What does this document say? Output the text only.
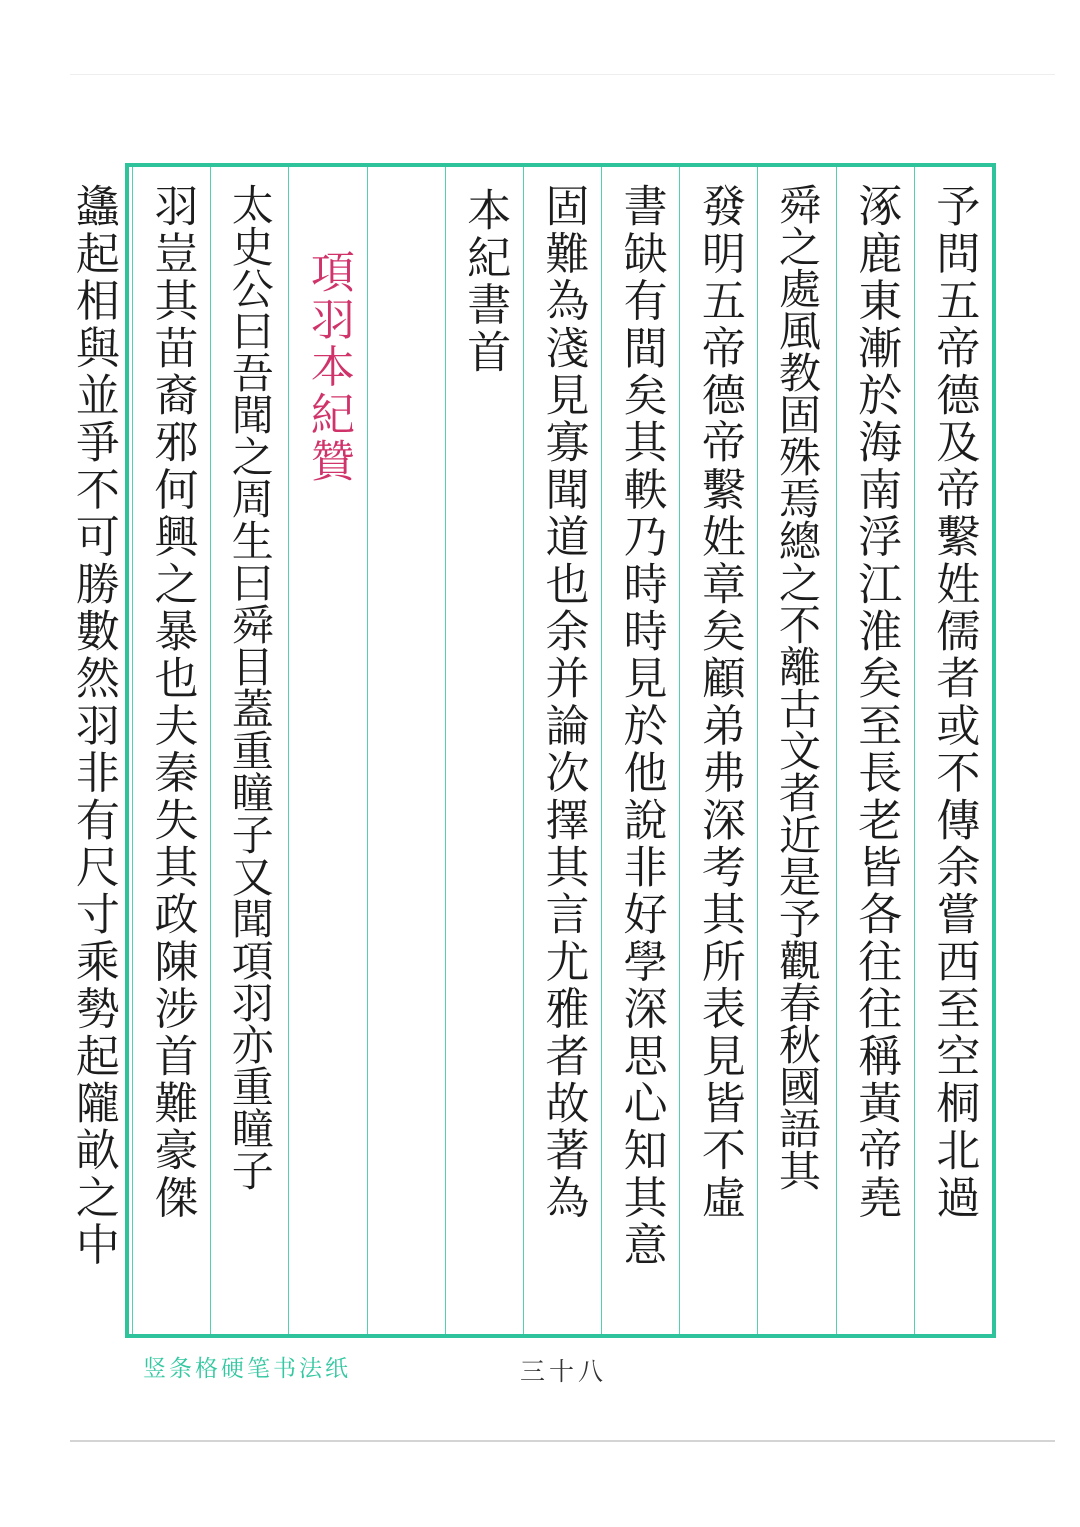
予問五帝德及帝繫姓儒者或不傳余嘗西至空桐北過
涿鹿東漸於海南浮江淮矣至長老皆各往往稱黃帝堯
舜之處風教固殊焉總之不離古文者近是予觀春秋國語其
發明五帝德帝繫姓章矣顧弟弗深考其所表見皆不虛
書缺有間矣其軼乃時時見於他說非好學深思心知其意
固難為淺見寡聞道也余并論次擇其言尤雅者故著為
本紀書首
項羽本紀贊
太史公曰吾聞之周生曰舜目蓋重瞳子又聞項羽亦重瞳子
羽豈其苗裔邪何興之暴也夫秦失其政陳涉首難豪傑
蠭起相與並爭不可勝數然羽非有尺寸乘勢起隴畝之中
竖条格硬笔书法纸	三十八
